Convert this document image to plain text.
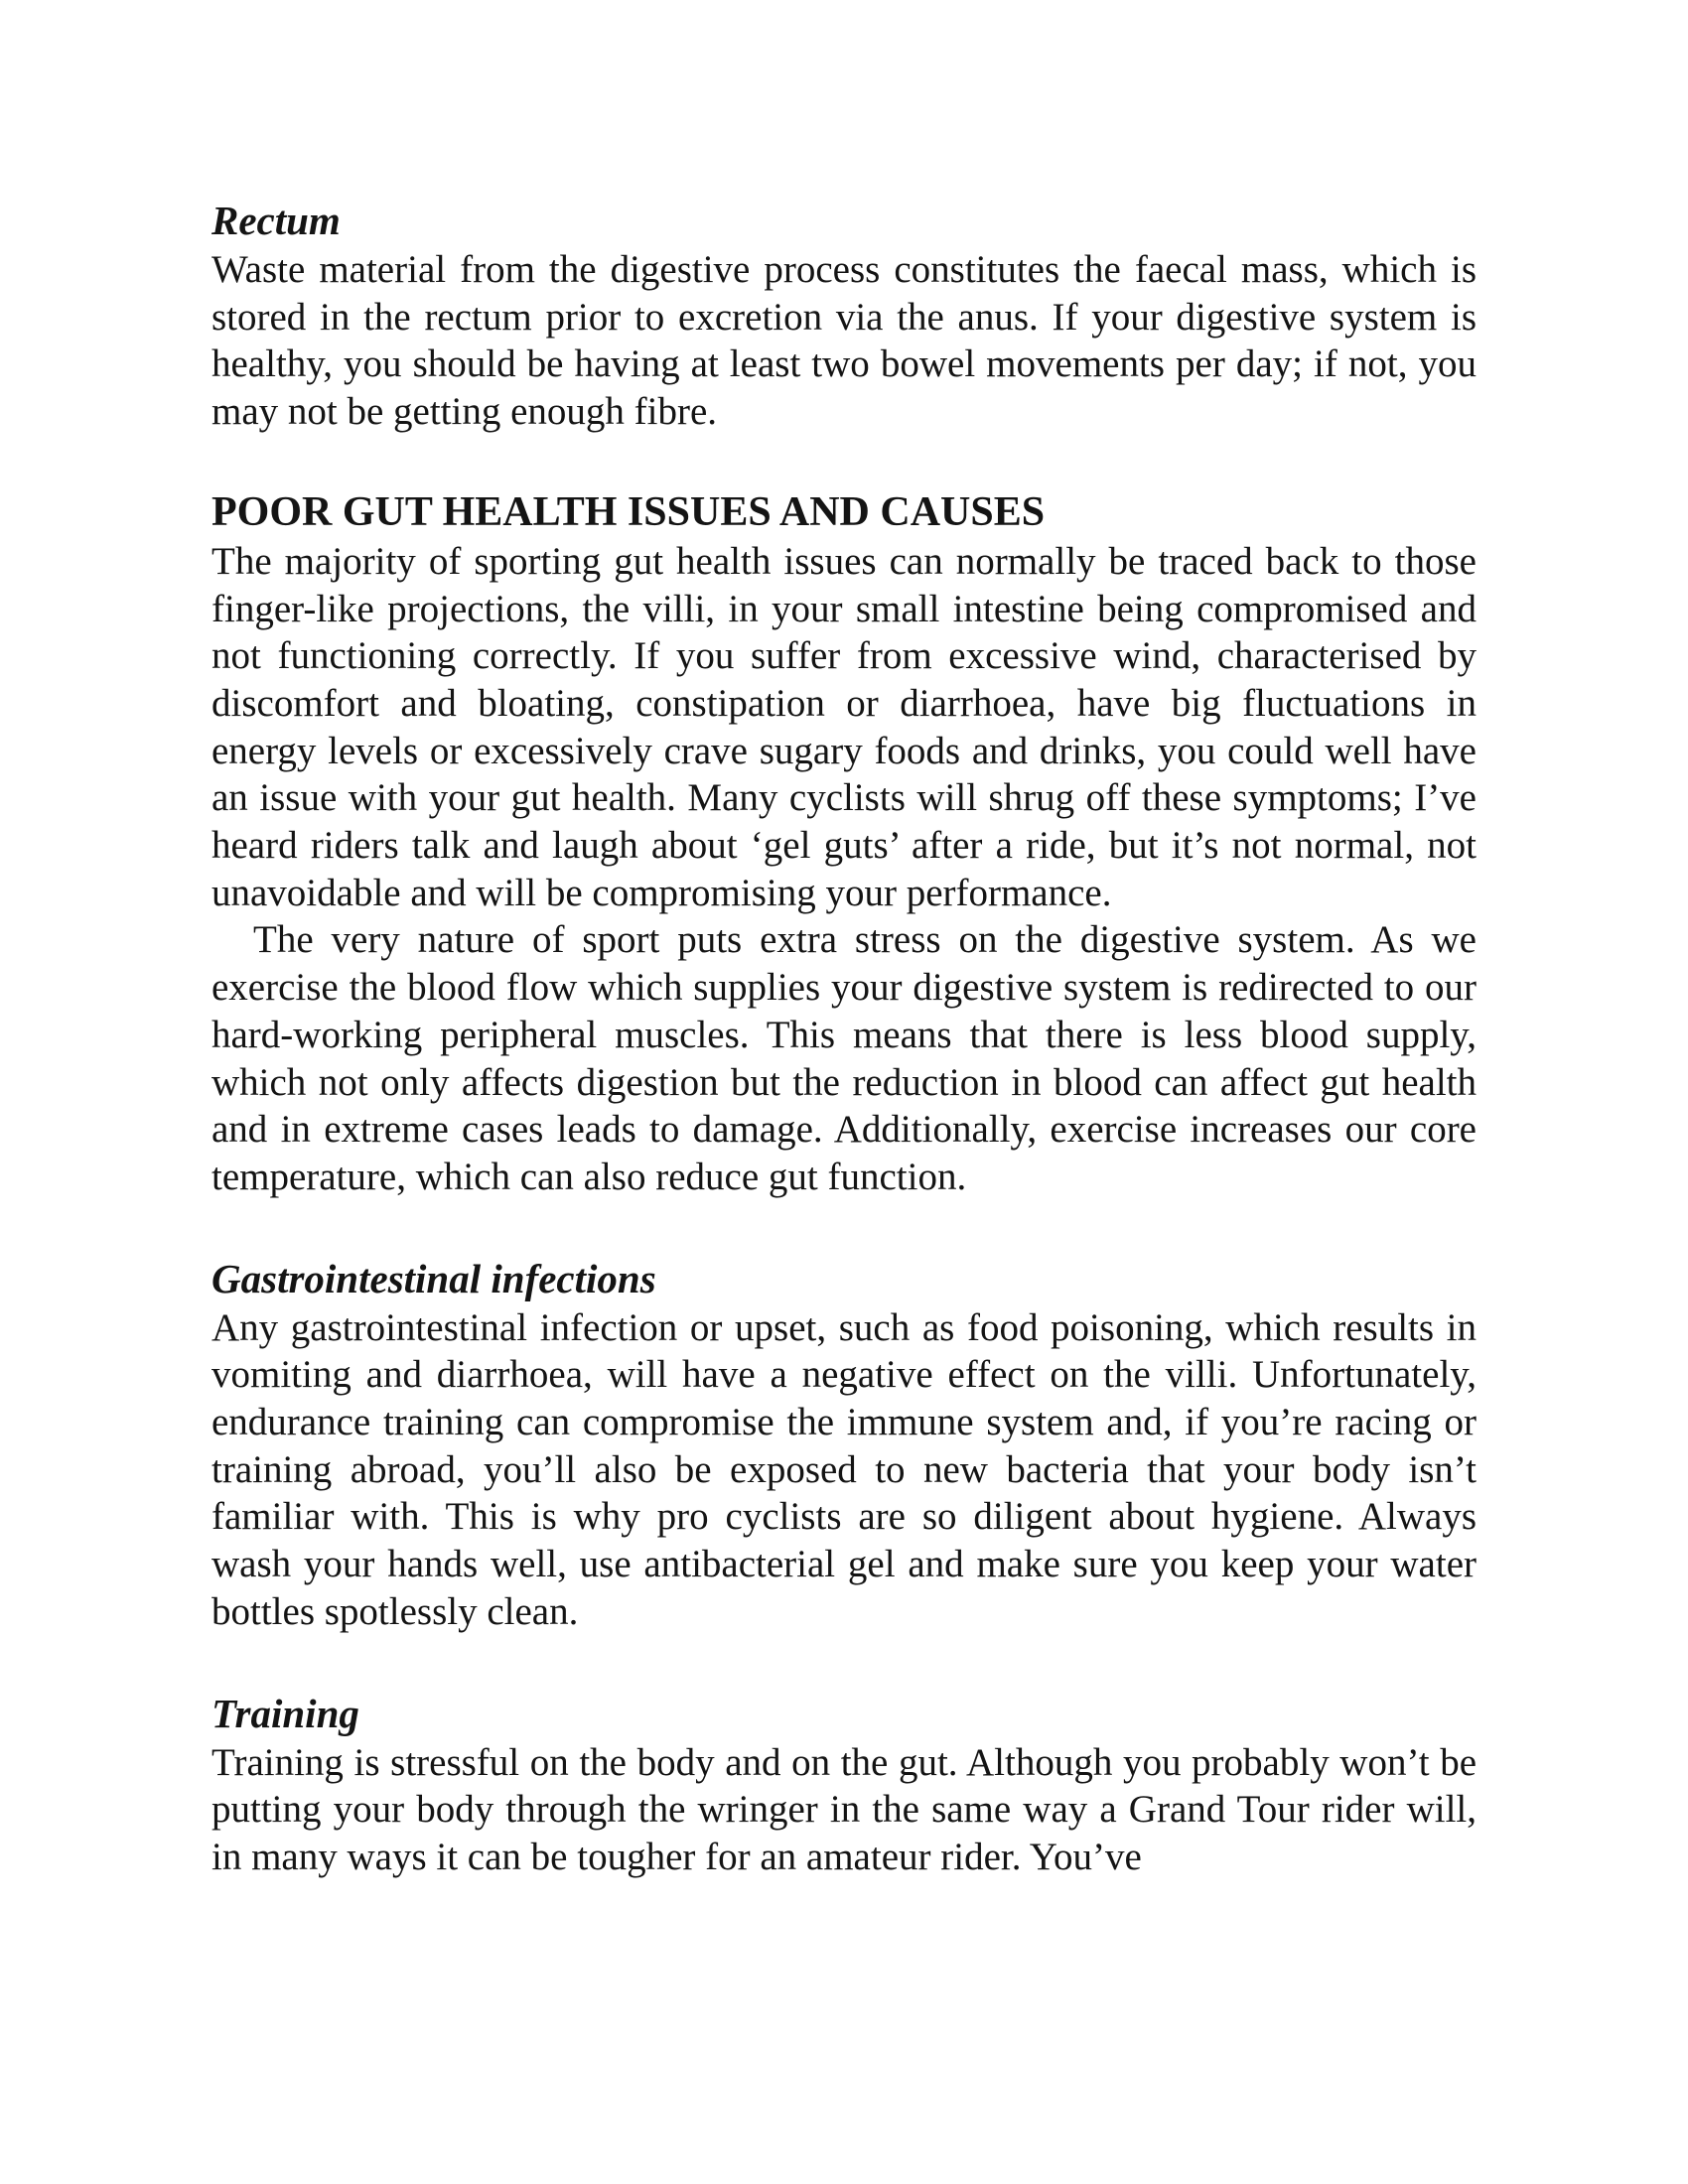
Rectum

Waste material from the digestive process constitutes the faecal mass, which is stored in the rectum prior to excretion via the anus. If your digestive system is healthy, you should be having at least two bowel movements per day; if not, you may not be getting enough fibre.

POOR GUT HEALTH ISSUES AND CAUSES

The majority of sporting gut health issues can normally be traced back to those finger-like projections, the villi, in your small intestine being compromised and not functioning correctly. If you suffer from excessive wind, characterised by discomfort and bloating, constipation or diarrhoea, have big fluctuations in energy levels or excessively crave sugary foods and drinks, you could well have an issue with your gut health. Many cyclists will shrug off these symptoms; I’ve heard riders talk and laugh about ‘gel guts’ after a ride, but it’s not normal, not unavoidable and will be compromising your performance.

The very nature of sport puts extra stress on the digestive system. As we exercise the blood flow which supplies your digestive system is redirected to our hard-working peripheral muscles. This means that there is less blood supply, which not only affects digestion but the reduction in blood can affect gut health and in extreme cases leads to damage. Additionally, exercise increases our core temperature, which can also reduce gut function.

Gastrointestinal infections

Any gastrointestinal infection or upset, such as food poisoning, which results in vomiting and diarrhoea, will have a negative effect on the villi. Unfortunately, endurance training can compromise the immune system and, if you’re racing or training abroad, you’ll also be exposed to new bacteria that your body isn’t familiar with. This is why pro cyclists are so diligent about hygiene. Always wash your hands well, use antibacterial gel and make sure you keep your water bottles spotlessly clean.

Training

Training is stressful on the body and on the gut. Although you probably won’t be putting your body through the wringer in the same way a Grand Tour rider will, in many ways it can be tougher for an amateur rider. You’ve
